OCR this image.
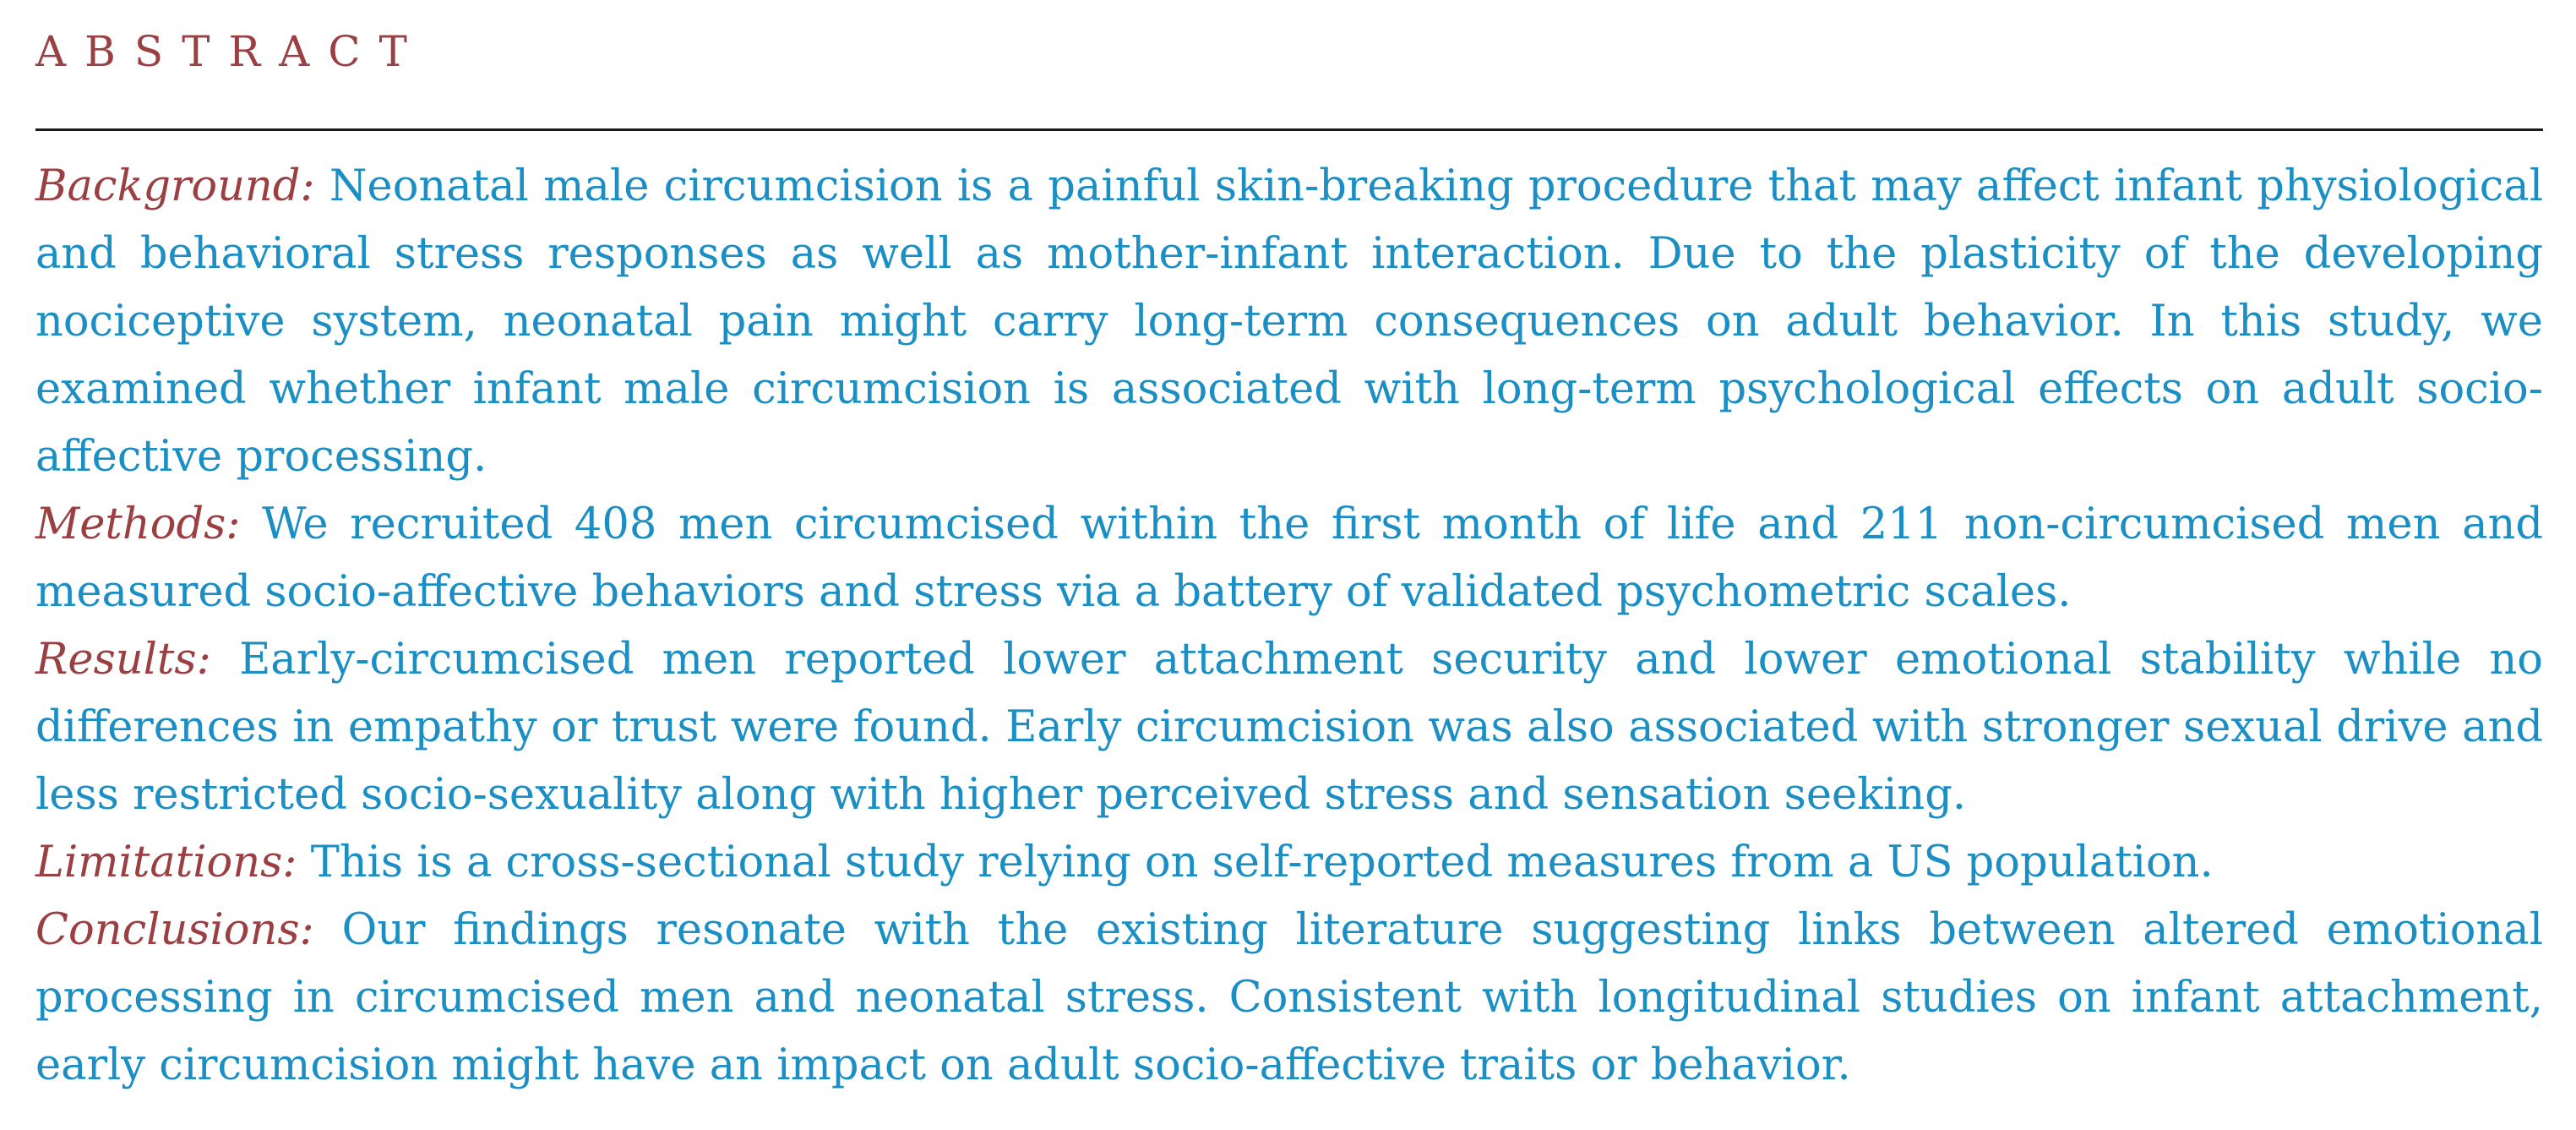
ABSTRACT

Background: Neonatal male circumcision is a painful skin-breaking procedure that may affect infant physiological and behavioral stress responses as well as mother-infant interaction. Due to the plasticity of the developing nociceptive system, neonatal pain might carry long-term consequences on adult behavior. In this study, we examined whether infant male circumcision is associated with long-term psychological effects on adult socio-affective processing.

Methods: We recruited 408 men circumcised within the first month of life and 211 non-circumcised men and measured socio-affective behaviors and stress via a battery of validated psychometric scales.

Results: Early-circumcised men reported lower attachment security and lower emotional stability while no differences in empathy or trust were found. Early circumcision was also associated with stronger sexual drive and less restricted socio-sexuality along with higher perceived stress and sensation seeking.

Limitations: This is a cross-sectional study relying on self-reported measures from a US population.

Conclusions: Our findings resonate with the existing literature suggesting links between altered emotional processing in circumcised men and neonatal stress. Consistent with longitudinal studies on infant attachment, early circumcision might have an impact on adult socio-affective traits or behavior.
